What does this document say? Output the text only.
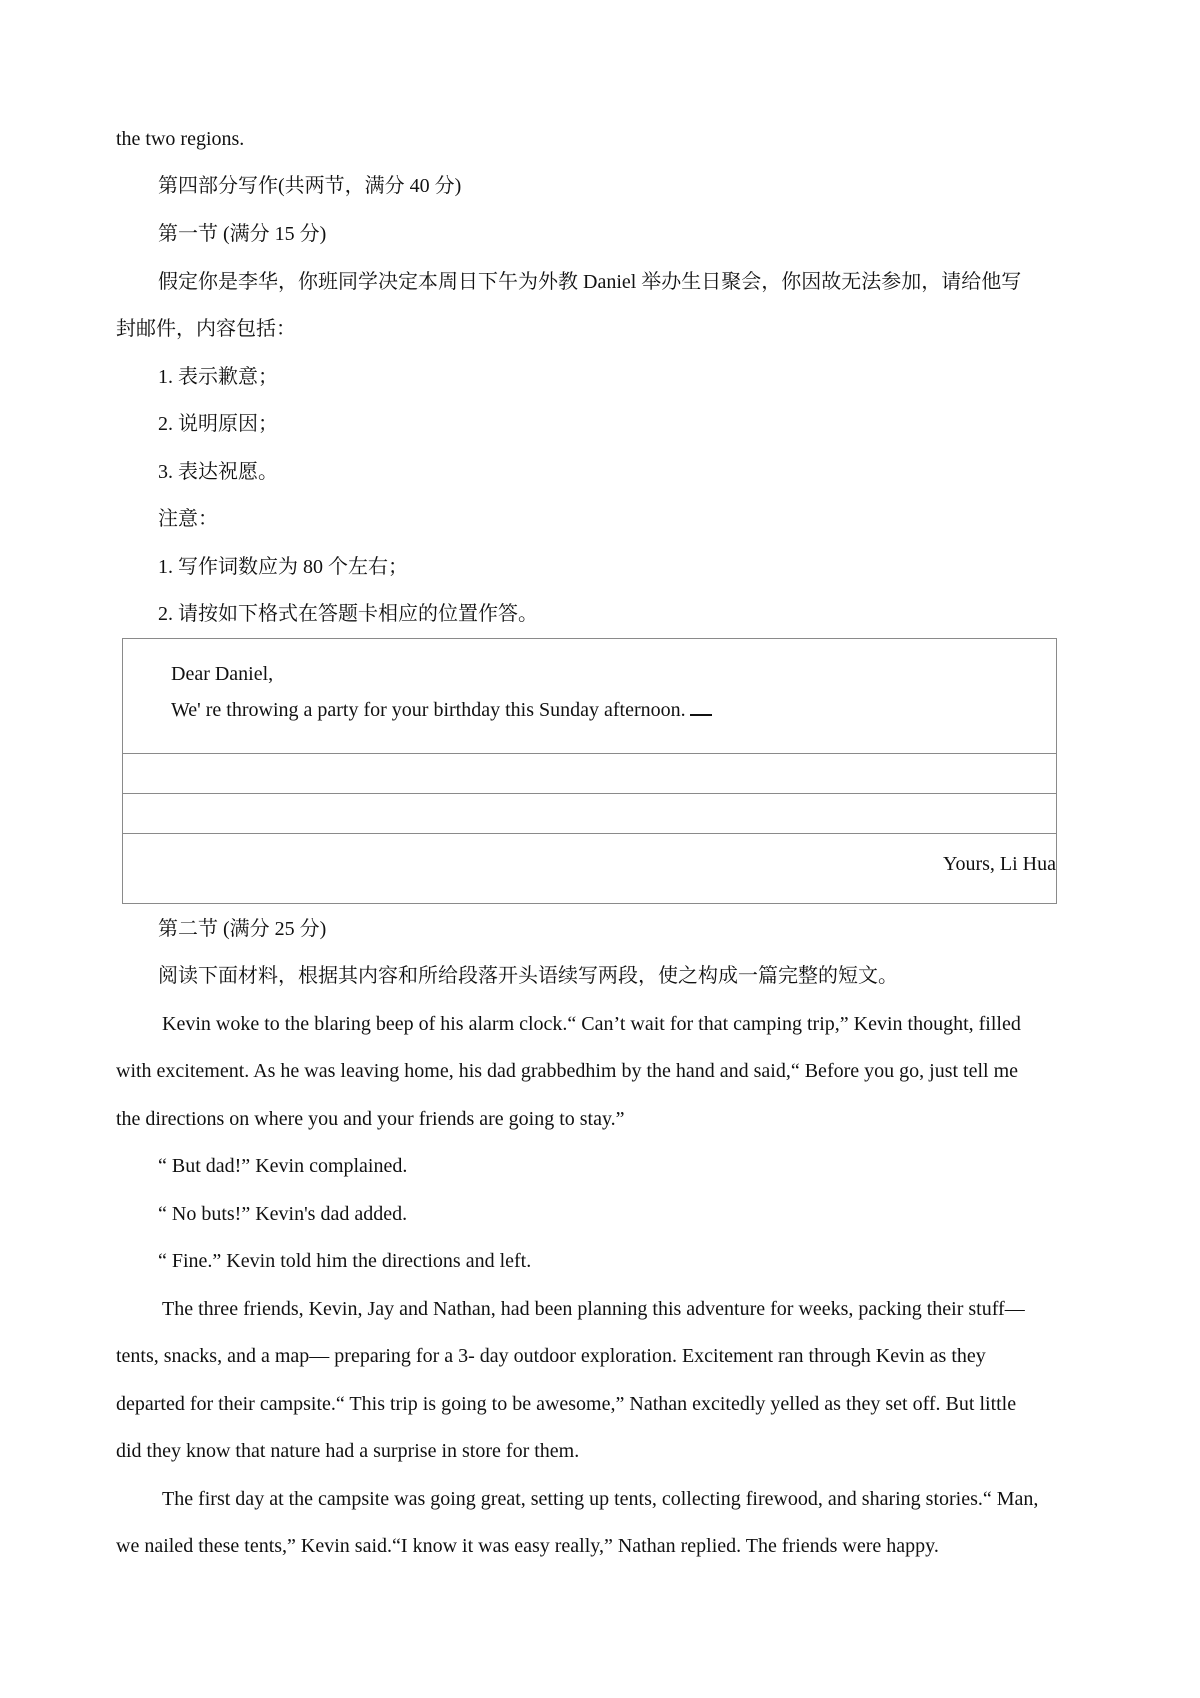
the two regions.
第四部分写作(共两节，满分 40 分)
第一节 (满分 15 分)
假定你是李华，你班同学决定本周日下午为外教 Daniel 举办生日聚会，你因故无法参加，请给他写
封邮件，内容包括：
1. 表示歉意；
2. 说明原因；
3. 表达祝愿。
注意：
1. 写作词数应为 80 个左右；
2. 请按如下格式在答题卡相应的位置作答。
Dear Daniel,
We' re throwing a party for your birthday this Sunday afternoon.
Yours, Li Hua
第二节 (满分 25 分)
阅读下面材料，根据其内容和所给段落开头语续写两段，使之构成一篇完整的短文。
Kevin woke to the blaring beep of his alarm clock.“ Can’t wait for that camping trip,” Kevin thought, filled
with excitement. As he was leaving home, his dad grabbedhim by the hand and said,“ Before you go, just tell me
the directions on where you and your friends are going to stay.”
“ But dad!” Kevin complained.
“ No buts!” Kevin's dad added.
“ Fine.” Kevin told him the directions and left.
The three friends, Kevin, Jay and Nathan, had been planning this adventure for weeks, packing their stuff—
tents, snacks, and a map— preparing for a 3- day outdoor exploration. Excitement ran through Kevin as they
departed for their campsite.“ This trip is going to be awesome,” Nathan excitedly yelled as they set off. But little
did they know that nature had a surprise in store for them.
The first day at the campsite was going great, setting up tents, collecting firewood, and sharing stories.“ Man,
we nailed these tents,” Kevin said.“I know it was easy really,” Nathan replied. The friends were happy.
